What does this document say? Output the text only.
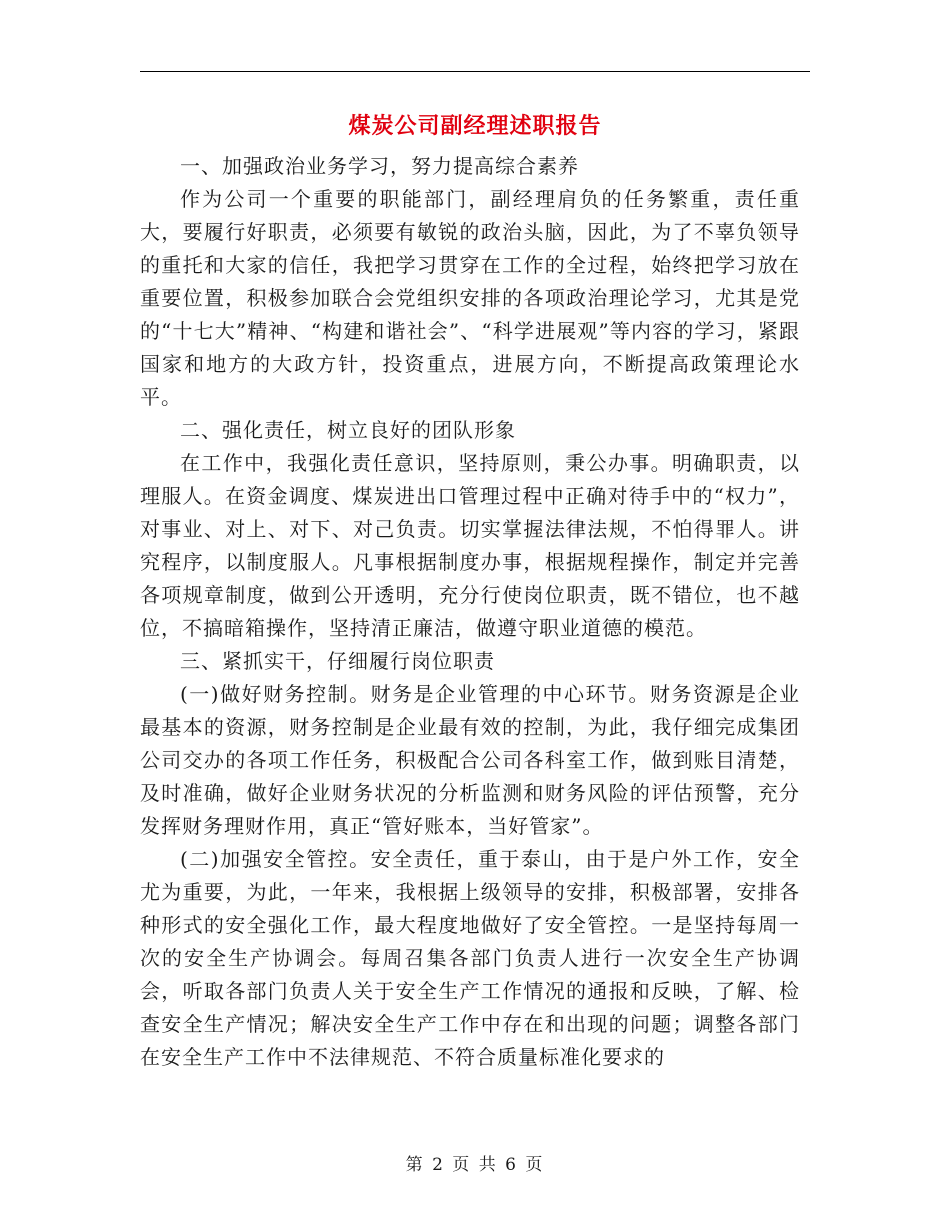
煤炭公司副经理述职报告

一、加强政治业务学习，努力提高综合素养

作为公司一个重要的职能部门，副经理肩负的任务繁重，责任重大，要履行好职责，必须要有敏锐的政治头脑，因此，为了不辜负领导的重托和大家的信任，我把学习贯穿在工作的全过程，始终把学习放在重要位置，积极参加联合会党组织安排的各项政治理论学习，尤其是党的“十七大”精神、“构建和谐社会”、“科学进展观”等内容的学习，紧跟国家和地方的大政方针，投资重点，进展方向，不断提高政策理论水平。

二、强化责任，树立良好的团队形象

在工作中，我强化责任意识，坚持原则，秉公办事。明确职责，以理服人。在资金调度、煤炭进出口管理过程中正确对待手中的“权力”，对事业、对上、对下、对己负责。切实掌握法律法规，不怕得罪人。讲究程序，以制度服人。凡事根据制度办事，根据规程操作，制定并完善各项规章制度，做到公开透明，充分行使岗位职责，既不错位，也不越位，不搞暗箱操作，坚持清正廉洁，做遵守职业道德的模范。

三、紧抓实干，仔细履行岗位职责

(一)做好财务控制。财务是企业管理的中心环节。财务资源是企业最基本的资源，财务控制是企业最有效的控制，为此，我仔细完成集团公司交办的各项工作任务，积极配合公司各科室工作，做到账目清楚，及时准确，做好企业财务状况的分析监测和财务风险的评估预警，充分发挥财务理财作用，真正“管好账本，当好管家”。

(二)加强安全管控。安全责任，重于泰山，由于是户外工作，安全尤为重要，为此，一年来，我根据上级领导的安排，积极部署，安排各种形式的安全强化工作，最大程度地做好了安全管控。一是坚持每周一次的安全生产协调会。每周召集各部门负责人进行一次安全生产协调会，听取各部门负责人关于安全生产工作情况的通报和反映，了解、检查安全生产情况；解决安全生产工作中存在和出现的问题；调整各部门在安全生产工作中不法律规范、不符合质量标准化要求的

第 2 页 共 6 页
